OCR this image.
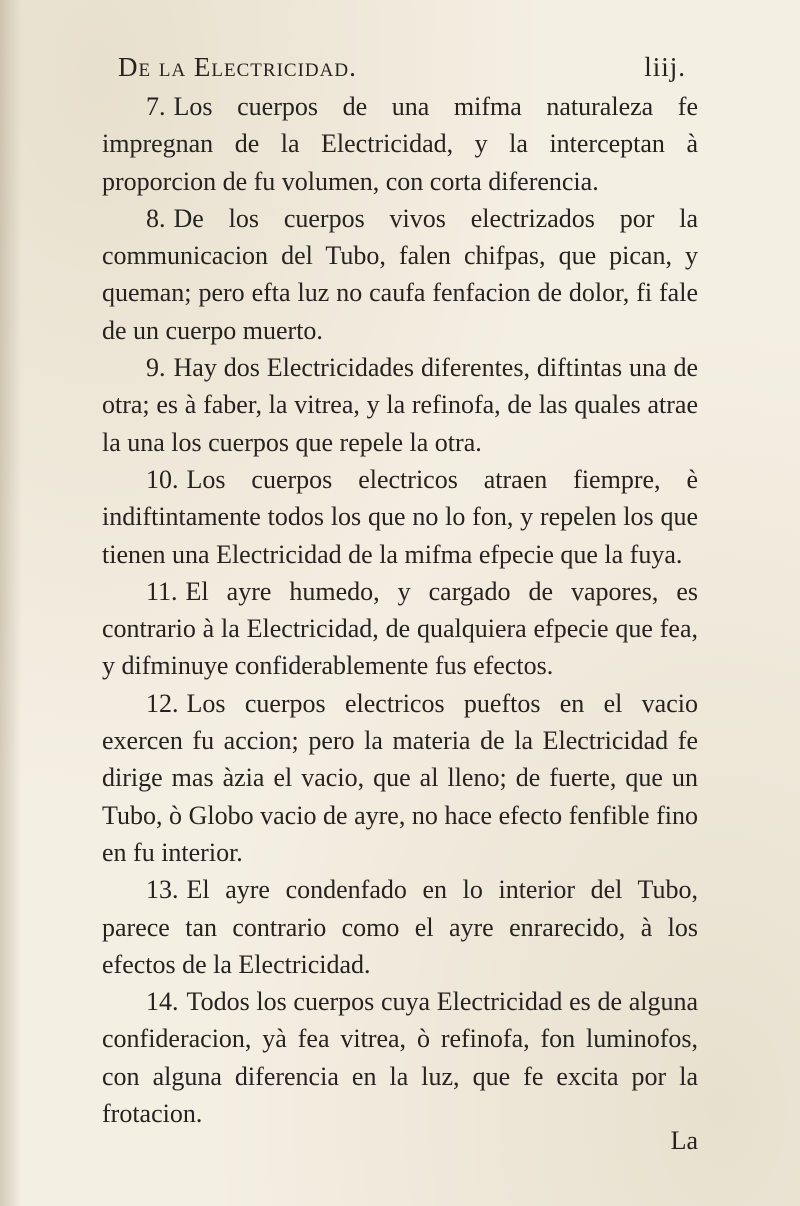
De la Electricidad.	liij.

7. Los cuerpos de una mifma naturaleza fe impregnan de la Electricidad, y la interceptan à proporcion de fu volumen, con corta diferencia.

8. De los cuerpos vivos electrizados por la communicacion del Tubo, falen chifpas, que pican, y queman; pero efta luz no caufa fenfacion de dolor, fi fale de un cuerpo muerto.

9. Hay dos Electricidades diferentes, diftintas una de otra; es à faber, la vitrea, y la refinofa, de las quales atrae la una los cuerpos que repele la otra.

10. Los cuerpos electricos atraen fiempre, è indiftintamente todos los que no lo fon, y repelen los que tienen una Electricidad de la mifma efpecie que la fuya.

11. El ayre humedo, y cargado de vapores, es contrario à la Electricidad, de qualquiera efpecie que fea, y difminuye confiderablemente fus efectos.

12. Los cuerpos electricos pueftos en el vacio exercen fu accion; pero la materia de la Electricidad fe dirige mas àzia el vacio, que al lleno; de fuerte, que un Tubo, ò Globo vacio de ayre, no hace efecto fenfible fino en fu interior.

13. El ayre condenfado en lo interior del Tubo, parece tan contrario como el ayre enrarecido, à los efectos de la Electricidad.

14. Todos los cuerpos cuya Electricidad es de alguna confideracion, yà fea vitrea, ò refinofa, fon luminofos, con alguna diferencia en la luz, que fe excita por la frotacion.

La
